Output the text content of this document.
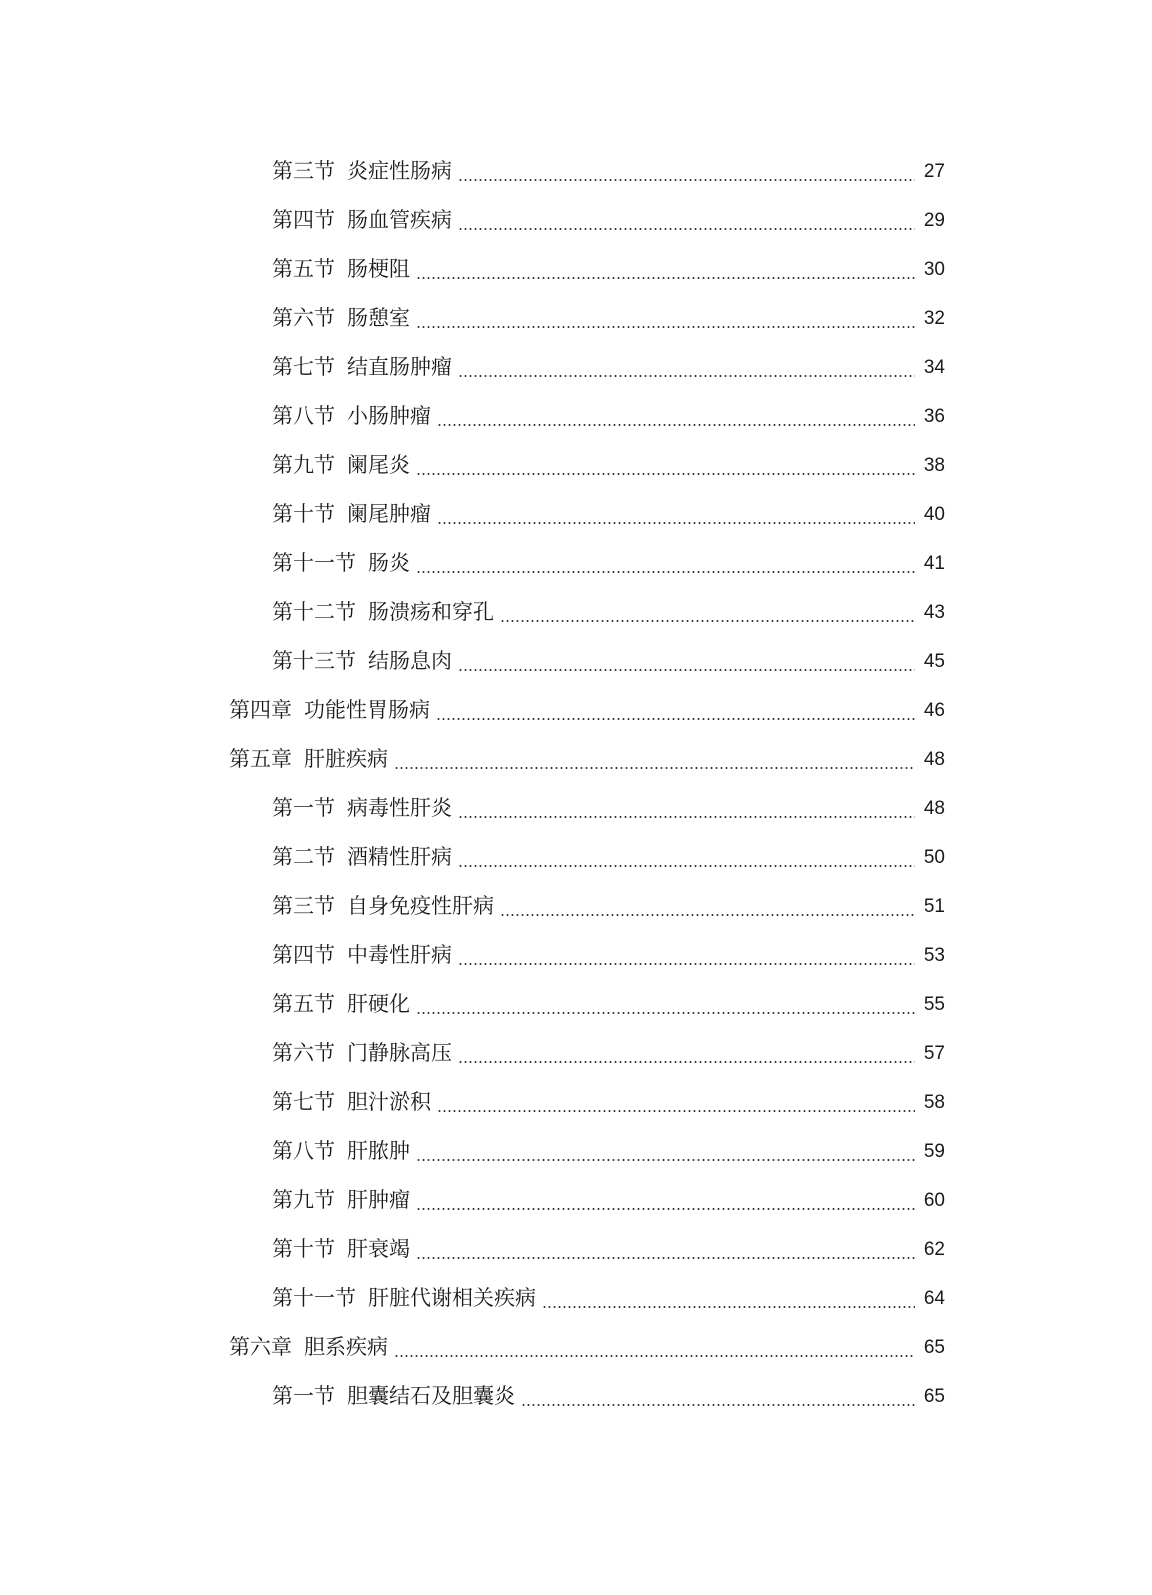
第三节 炎症性肠病	27
第四节 肠血管疾病	29
第五节 肠梗阻	30
第六节 肠憩室	32
第七节 结直肠肿瘤	34
第八节 小肠肿瘤	36
第九节 阑尾炎	38
第十节 阑尾肿瘤	40
第十一节 肠炎	41
第十二节 肠溃疡和穿孔	43
第十三节 结肠息肉	45
第四章 功能性胃肠病	46
第五章 肝脏疾病	48
第一节 病毒性肝炎	48
第二节 酒精性肝病	50
第三节 自身免疫性肝病	51
第四节 中毒性肝病	53
第五节 肝硬化	55
第六节 门静脉高压	57
第七节 胆汁淤积	58
第八节 肝脓肿	59
第九节 肝肿瘤	60
第十节 肝衰竭	62
第十一节 肝脏代谢相关疾病	64
第六章 胆系疾病	65
第一节 胆囊结石及胆囊炎	65
